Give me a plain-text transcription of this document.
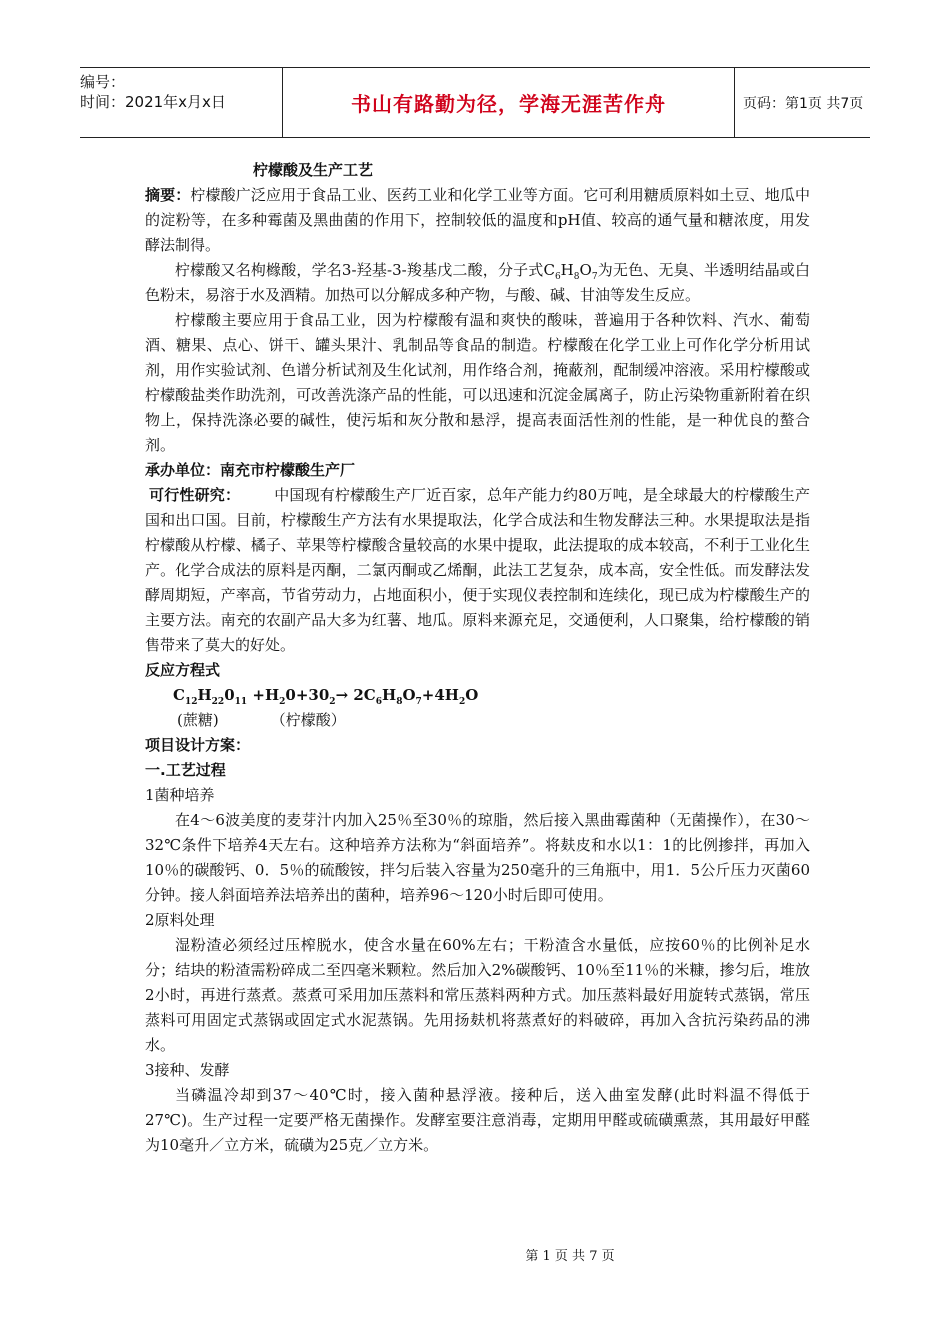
编号：
时间：2021年x月x日	书山有路勤为径，学海无涯苦作舟	页码：第1页 共7页
柠檬酸及生产工艺

摘要：柠檬酸广泛应用于食品工业、医药工业和化学工业等方面。它可利用糖质原料如土豆、地瓜中的淀粉等，在多种霉菌及黑曲菌的作用下，控制较低的温度和pH值、较高的通气量和糖浓度，用发酵法制得。

柠檬酸又名枸橼酸，学名3-羟基-3-羧基戊二酸，分子式$C_6H_8O_7$为无色、无臭、半透明结晶或白色粉末，易溶于水及酒精。加热可以分解成多种产物，与酸、碱、甘油等发生反应。

柠檬酸主要应用于食品工业，因为柠檬酸有温和爽快的酸味，普遍用于各种饮料、汽水、葡萄酒、糖果、点心、饼干、罐头果汁、乳制品等食品的制造。柠檬酸在化学工业上可作化学分析用试剂，用作实验试剂、色谱分析试剂及生化试剂，用作络合剂，掩蔽剂，配制缓冲溶液。采用柠檬酸或柠檬酸盐类作助洗剂，可改善洗涤产品的性能，可以迅速和沉淀金属离子，防止污染物重新附着在织物上，保持洗涤必要的碱性，使污垢和灰分散和悬浮，提高表面活性剂的性能，是一种优良的螯合剂。

承办单位：南充市柠檬酸生产厂

可行性研究： 中国现有柠檬酸生产厂近百家，总年产能力约80万吨，是全球最大的柠檬酸生产国和出口国。目前，柠檬酸生产方法有水果提取法，化学合成法和生物发酵法三种。水果提取法是指柠檬酸从柠檬、橘子、苹果等柠檬酸含量较高的水果中提取，此法提取的成本较高，不利于工业化生产。化学合成法的原料是丙酮，二氯丙酮或乙烯酮，此法工艺复杂，成本高，安全性低。而发酵法发酵周期短，产率高，节省劳动力，占地面积小，便于实现仪表控制和连续化，现已成为柠檬酸生产的主要方法。南充的农副产品大多为红薯、地瓜。原料来源充足，交通便利，人口聚集，给柠檬酸的销售带来了莫大的好处。

反应方程式

$C_{12}H_{22}0_{11} +H_20+30_2\to 2C_6H_8O_7+4H_2O$

(蔗糖)	（柠檬酸）

项目设计方案：

一.工艺过程

1菌种培养

在4～6波美度的麦芽汁内加入25％至30％的琼脂，然后接入黑曲霉菌种（无菌操作），在30～32℃条件下培养4天左右。这种培养方法称为“斜面培养”。将麸皮和水以1：1的比例掺拌，再加入10％的碳酸钙、0．5％的硫酸铵，拌匀后装入容量为250毫升的三角瓶中，用1．5公斤压力灭菌60分钟。接人斜面培养法培养出的菌种，培养96～120小时后即可使用。

2原料处理

湿粉渣必须经过压榨脱水，使含水量在60%左右；干粉渣含水量低，应按60％的比例补足水分；结块的粉渣需粉碎成二至四毫米颗粒。然后加入2%碳酸钙、10％至11％的米糠，掺匀后，堆放2小时，再进行蒸煮。蒸煮可采用加压蒸料和常压蒸料两种方式。加压蒸料最好用旋转式蒸锅，常压蒸料可用固定式蒸锅或固定式水泥蒸锅。先用扬麸机将蒸煮好的料破碎，再加入含抗污染药品的沸水。

3接种、发酵

当磷温冷却到37～40℃时，接入菌种悬浮液。接种后，送入曲室发酵(此时料温不得低于27℃)。生产过程一定要严格无菌操作。发酵室要注意消毒，定期用甲醛或硫磺熏蒸，其用最好甲醛为10毫升／立方米，硫磺为25克／立方米。

第 1 页 共 7 页
